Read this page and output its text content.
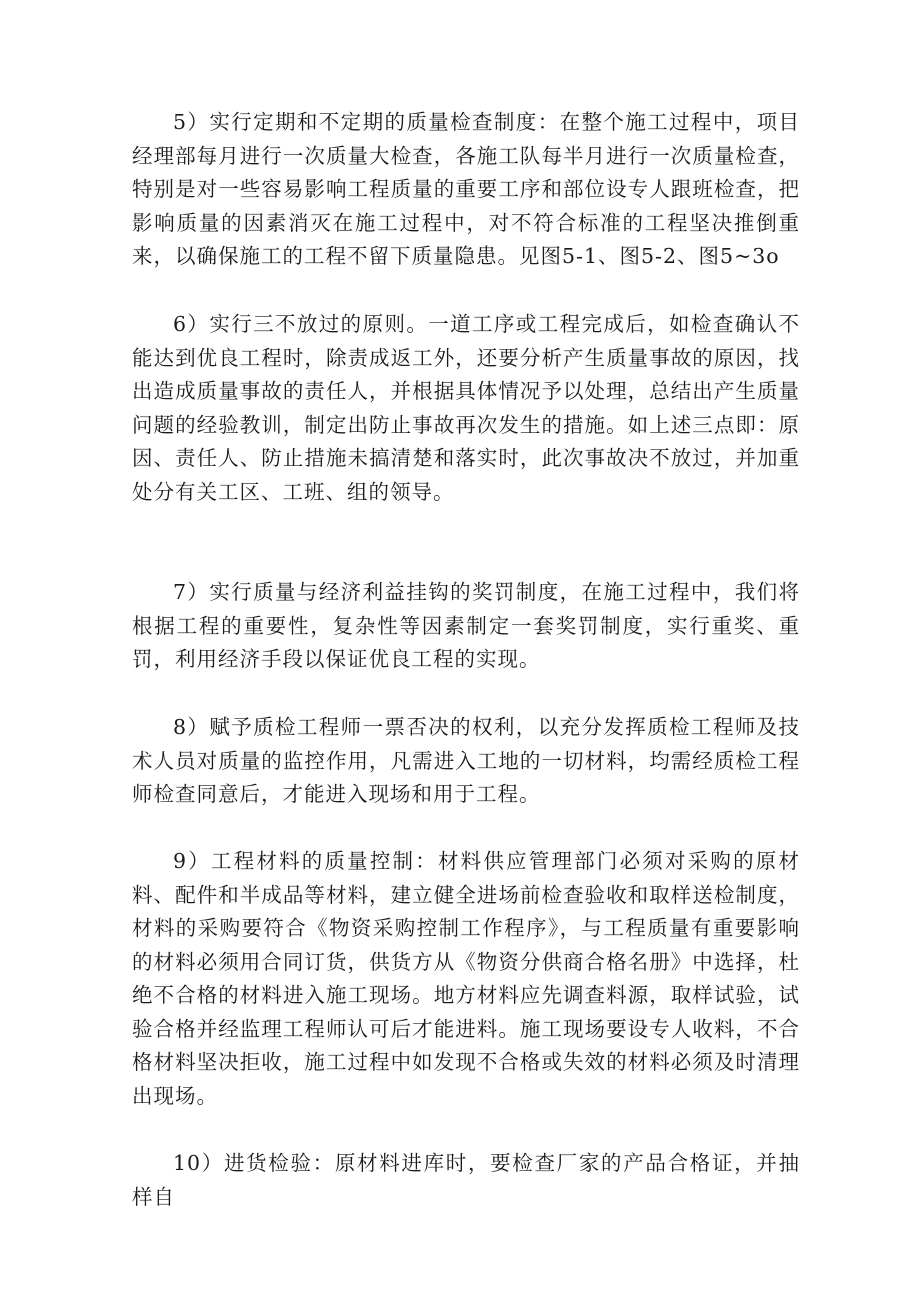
5）实行定期和不定期的质量检查制度：在整个施工过程中，项目经理部每月进行一次质量大检查，各施工队每半月进行一次质量检查，特别是对一些容易影响工程质量的重要工序和部位设专人跟班检查，把影响质量的因素消灭在施工过程中，对不符合标准的工程坚决推倒重来，以确保施工的工程不留下质量隐患。见图5-1、图5-2、图5~3o

6）实行三不放过的原则。一道工序或工程完成后，如检查确认不能达到优良工程时，除责成返工外，还要分析产生质量事故的原因，找出造成质量事故的责任人，并根据具体情况予以处理，总结出产生质量问题的经验教训，制定出防止事故再次发生的措施。如上述三点即：原因、责任人、防止措施未搞清楚和落实时，此次事故决不放过，并加重处分有关工区、工班、组的领导。

7）实行质量与经济利益挂钩的奖罚制度，在施工过程中，我们将根据工程的重要性，复杂性等因素制定一套奖罚制度，实行重奖、重罚，利用经济手段以保证优良工程的实现。

8）赋予质检工程师一票否决的权利，以充分发挥质检工程师及技术人员对质量的监控作用，凡需进入工地的一切材料，均需经质检工程师检查同意后，才能进入现场和用于工程。

9）工程材料的质量控制：材料供应管理部门必须对采购的原材料、配件和半成品等材料，建立健全进场前检查验收和取样送检制度，材料的采购要符合《物资采购控制工作程序》，与工程质量有重要影响的材料必须用合同订货，供货方从《物资分供商合格名册》中选择，杜绝不合格的材料进入施工现场。地方材料应先调查料源，取样试验，试验合格并经监理工程师认可后才能进料。施工现场要设专人收料，不合格材料坚决拒收，施工过程中如发现不合格或失效的材料必须及时清理出现场。

10）进货检验：原材料进库时，要检查厂家的产品合格证，并抽样自
